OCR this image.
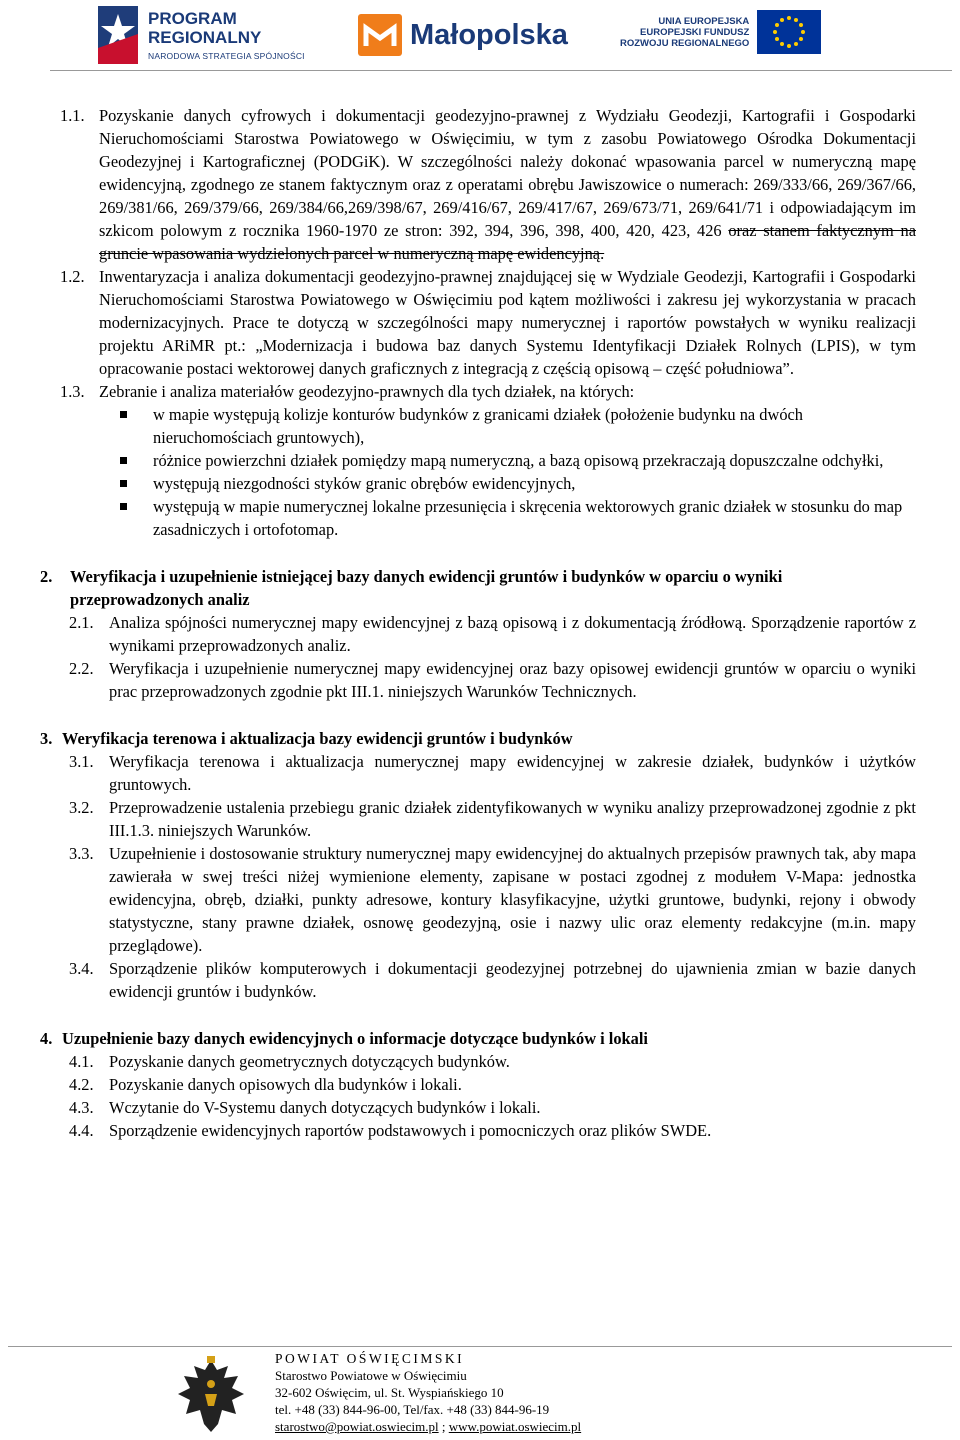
PROGRAM
REGIONALNY
NARODOWA STRATEGIA SPÓJNOŚCI
Małopolska	UNIA EUROPEJSKA
EUROPEJSKI FUNDUSZ
ROZWOJU REGIONALNEGO
1.1. Pozyskanie danych cyfrowych i dokumentacji geodezyjno-prawnej z Wydziału Geodezji, Kartografii i Gospodarki Nieruchomościami Starostwa Powiatowego w Oświęcimiu, w tym z zasobu Powiatowego Ośrodka Dokumentacji Geodezyjnej i Kartograficznej (PODGiK). W szczególności należy dokonać wpasowania parcel w numeryczną mapę ewidencyjną, zgodnego ze stanem faktycznym oraz z operatami obrębu Jawiszowice o numerach: 269/333/66, 269/367/66, 269/381/66, 269/379/66, 269/384/66,269/398/67, 269/416/67, 269/417/67, 269/673/71, 269/641/71 i odpowiadającym im szkicom polowym z rocznika 1960-1970 ze stron: 392, 394, 396, 398, 400, 420, 423, 426 oraz stanem faktycznym na gruncie wpasowania wydzielonych parcel w numeryczną mapę ewidencyjną.
1.2. Inwentaryzacja i analiza dokumentacji geodezyjno-prawnej znajdującej się w Wydziale Geodezji, Kartografii i Gospodarki Nieruchomościami Starostwa Powiatowego w Oświęcimiu pod kątem możliwości i zakresu jej wykorzystania w pracach modernizacyjnych. Prace te dotyczą w szczególności mapy numerycznej i raportów powstałych w wyniku realizacji projektu ARiMR pt.: „Modernizacja i budowa baz danych Systemu Identyfikacji Działek Rolnych (LPIS), w tym opracowanie postaci wektorowej danych graficznych z integracją z częścią opisową – część południowa”.
1.3. Zebranie i analiza materiałów geodezyjno-prawnych dla tych działek, na których:
w mapie występują kolizje konturów budynków z granicami działek (położenie budynku na dwóch nieruchomościach gruntowych),
różnice powierzchni działek pomiędzy mapą numeryczną, a bazą opisową przekraczają dopuszczalne odchyłki,
występują niezgodności styków granic obrębów ewidencyjnych,
występują w mapie numerycznej lokalne przesunięcia i skręcenia wektorowych granic działek w stosunku do map zasadniczych i ortofotomap.
2.	Weryfikacja i uzupełnienie istniejącej bazy danych ewidencji gruntów i budynków w oparciu o wyniki przeprowadzonych analiz
2.1. Analiza spójności numerycznej mapy ewidencyjnej z bazą opisową i z dokumentacją źródłową. Sporządzenie raportów z wynikami przeprowadzonych analiz.
2.2. Weryfikacja i uzupełnienie numerycznej mapy ewidencyjnej oraz bazy opisowej ewidencji gruntów w oparciu o wyniki prac przeprowadzonych zgodnie pkt III.1. niniejszych Warunków Technicznych.
3. Weryfikacja terenowa i aktualizacja bazy ewidencji gruntów i budynków
3.1. Weryfikacja terenowa i aktualizacja numerycznej mapy ewidencyjnej w zakresie działek, budynków i użytków gruntowych.
3.2. Przeprowadzenie ustalenia przebiegu granic działek zidentyfikowanych w wyniku analizy przeprowadzonej zgodnie z pkt III.1.3. niniejszych Warunków.
3.3. Uzupełnienie i dostosowanie struktury numerycznej mapy ewidencyjnej do aktualnych przepisów prawnych tak, aby mapa zawierała w swej treści niżej wymienione elementy, zapisane w postaci zgodnej z modułem V-Mapa: jednostka ewidencyjna, obręb, działki, punkty adresowe, kontury klasyfikacyjne, użytki gruntowe, budynki, rejony i obwody statystyczne, stany prawne działek, osnowę geodezyjną, osie i nazwy ulic oraz elementy redakcyjne (m.in. mapy przeglądowe).
3.4. Sporządzenie plików komputerowych i dokumentacji geodezyjnej potrzebnej do ujawnienia zmian w bazie danych ewidencji gruntów i budynków.
4. Uzupełnienie bazy danych ewidencyjnych o informacje dotyczące budynków i lokali
4.1. Pozyskanie danych geometrycznych dotyczących budynków.
4.2. Pozyskanie danych opisowych dla budynków i lokali.
4.3. Wczytanie do V-Systemu danych dotyczących budynków i lokali.
4.4. Sporządzenie ewidencyjnych raportów podstawowych i pomocniczych oraz plików SWDE.
POWIAT OŚWIĘCIMSKI
Starostwo Powiatowe w Oświęcimiu
32-602 Oświęcim, ul. St. Wyspiańskiego 10
tel. +48 (33) 844-96-00, Tel/fax. +48 (33) 844-96-19
starostwo@powiat.oswiecim.pl ; www.powiat.oswiecim.pl
